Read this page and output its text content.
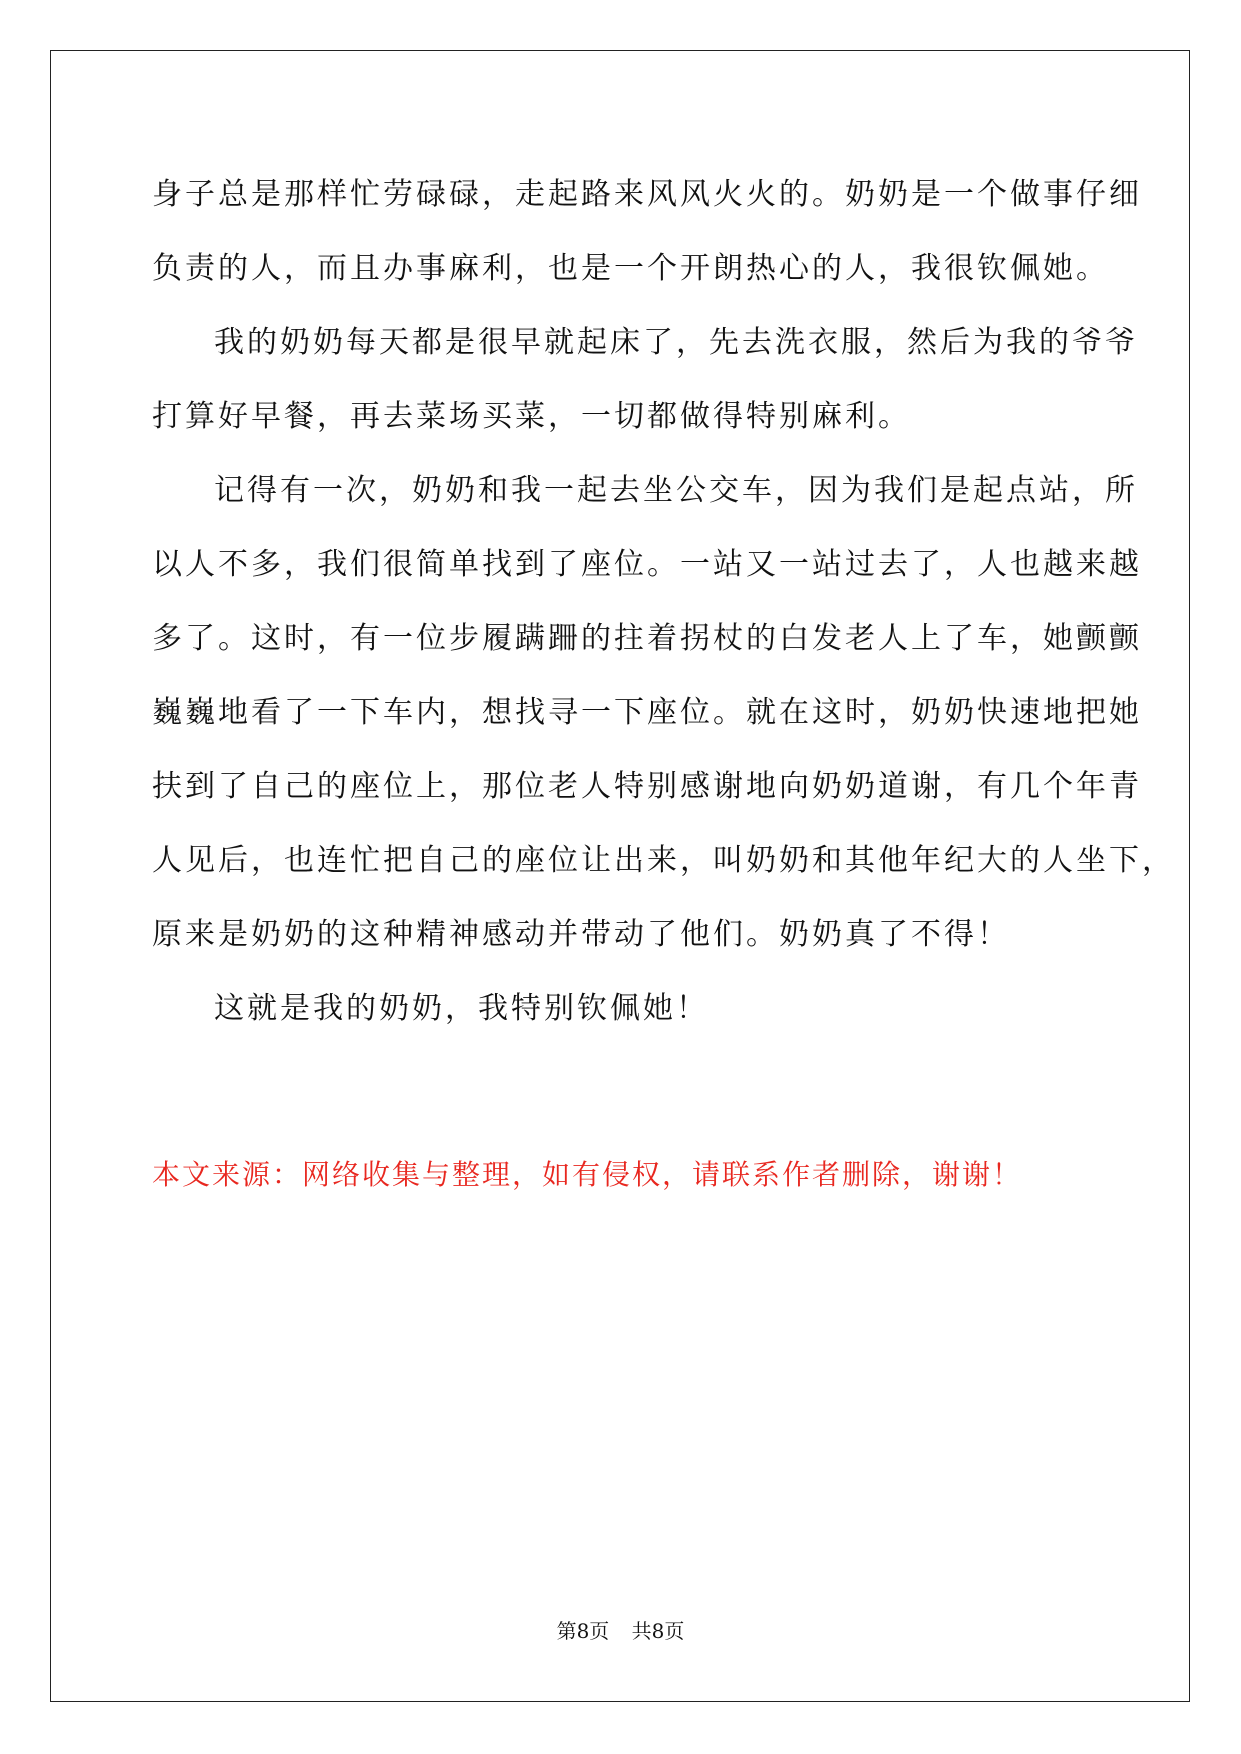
身子总是那样忙劳碌碌，走起路来风风火火的。奶奶是一个做事仔细
负责的人，而且办事麻利，也是一个开朗热心的人，我很钦佩她。
我的奶奶每天都是很早就起床了，先去洗衣服，然后为我的爷爷
打算好早餐，再去菜场买菜，一切都做得特别麻利。
记得有一次，奶奶和我一起去坐公交车，因为我们是起点站，所
以人不多，我们很简单找到了座位。一站又一站过去了，人也越来越
多了。这时，有一位步履蹒跚的拄着拐杖的白发老人上了车，她颤颤
巍巍地看了一下车内，想找寻一下座位。就在这时，奶奶快速地把她
扶到了自己的座位上，那位老人特别感谢地向奶奶道谢，有几个年青
人见后，也连忙把自己的座位让出来，叫奶奶和其他年纪大的人坐下，
原来是奶奶的这种精神感动并带动了他们。奶奶真了不得！
这就是我的奶奶，我特别钦佩她！
本文来源：网络收集与整理，如有侵权，请联系作者删除，谢谢！
第8页 共8页
